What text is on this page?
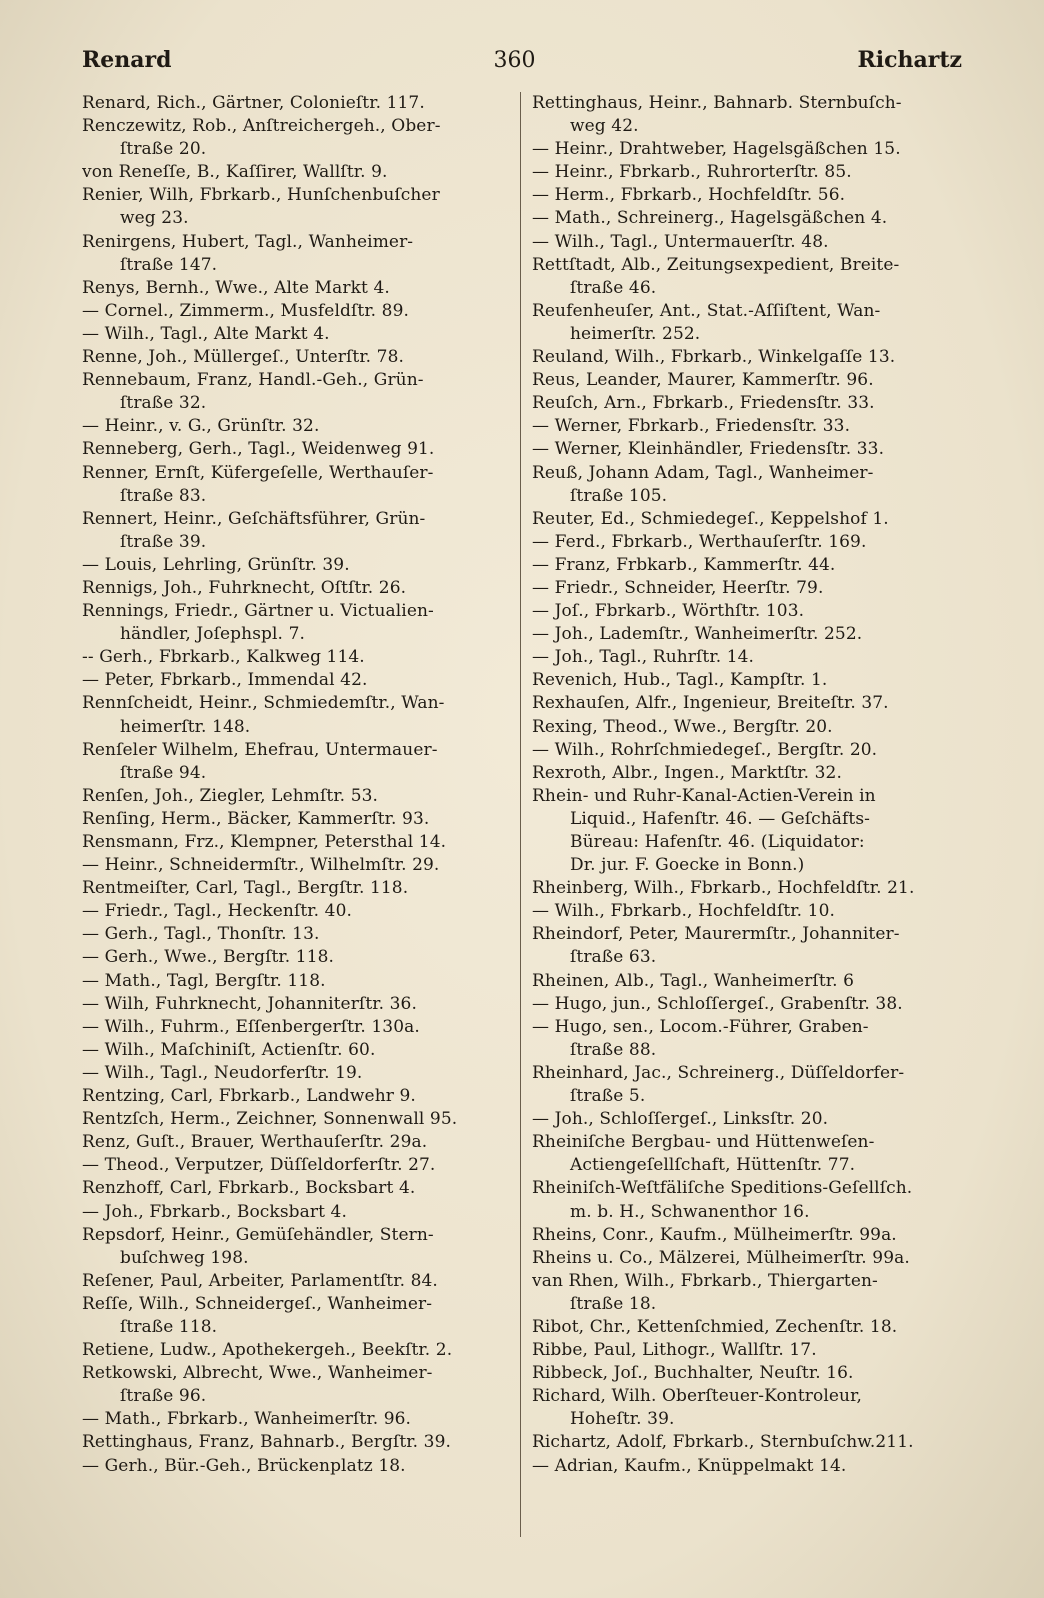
Renard	360	Richartz
Renard, Rich., Gärtner, Colonieſtr. 117.
Renczewitz, Rob., Anſtreichergeh., Ober-
ſtraße 20.
von Reneſſe, B., Kaſſirer, Wallſtr. 9.
Renier, Wilh, Fbrkarb., Hunſchenbuſcher
weg 23.
Renirgens, Hubert, Tagl., Wanheimer-
ſtraße 147.
Renys, Bernh., Wwe., Alte Markt 4.
— Cornel., Zimmerm., Musfeldſtr. 89.
— Wilh., Tagl., Alte Markt 4.
Renne, Joh., Müllergeſ., Unterſtr. 78.
Rennebaum, Franz, Handl.-Geh., Grün-
ſtraße 32.
— Heinr., v. G., Grünſtr. 32.
Renneberg, Gerh., Tagl., Weidenweg 91.
Renner, Ernſt, Küfergeſelle, Werthauſer-
ſtraße 83.
Rennert, Heinr., Geſchäftsführer, Grün-
ſtraße 39.
— Louis, Lehrling, Grünſtr. 39.
Rennigs, Joh., Fuhrknecht, Oſtſtr. 26.
Rennings, Friedr., Gärtner u. Victualien-
händler, Joſephspl. 7.
-- Gerh., Fbrkarb., Kalkweg 114.
— Peter, Fbrkarb., Immendal 42.
Rennſcheidt, Heinr., Schmiedemſtr., Wan-
heimerſtr. 148.
Renſeler Wilhelm, Ehefrau, Untermauer-
ſtraße 94.
Renſen, Joh., Ziegler, Lehmſtr. 53.
Renſing, Herm., Bäcker, Kammerſtr. 93.
Rensmann, Frz., Klempner, Petersthal 14.
— Heinr., Schneidermſtr., Wilhelmſtr. 29.
Rentmeiſter, Carl, Tagl., Bergſtr. 118.
— Friedr., Tagl., Heckenſtr. 40.
— Gerh., Tagl., Thonſtr. 13.
— Gerh., Wwe., Bergſtr. 118.
— Math., Tagl, Bergſtr. 118.
— Wilh, Fuhrknecht, Johanniterſtr. 36.
— Wilh., Fuhrm., Eſſenbergerſtr. 130a.
— Wilh., Maſchiniſt, Actienſtr. 60.
— Wilh., Tagl., Neudorferſtr. 19.
Rentzing, Carl, Fbrkarb., Landwehr 9.
Rentzſch, Herm., Zeichner, Sonnenwall 95.
Renz, Guſt., Brauer, Werthauſerſtr. 29a.
— Theod., Verputzer, Düſſeldorferſtr. 27.
Renzhoff, Carl, Fbrkarb., Bocksbart 4.
— Joh., Fbrkarb., Bocksbart 4.
Repsdorf, Heinr., Gemüſehändler, Stern-
buſchweg 198.
Reſener, Paul, Arbeiter, Parlamentſtr. 84.
Reſſe, Wilh., Schneidergeſ., Wanheimer-
ſtraße 118.
Retiene, Ludw., Apothekergeh., Beekſtr. 2.
Retkowski, Albrecht, Wwe., Wanheimer-
ſtraße 96.
— Math., Fbrkarb., Wanheimerſtr. 96.
Rettinghaus, Franz, Bahnarb., Bergſtr. 39.
— Gerh., Bür.-Geh., Brückenplatz 18.
Rettinghaus, Heinr., Bahnarb. Sternbuſch-
weg 42.
— Heinr., Drahtweber, Hagelsgäßchen 15.
— Heinr., Fbrkarb., Ruhrorterſtr. 85.
— Herm., Fbrkarb., Hochfeldſtr. 56.
— Math., Schreinerg., Hagelsgäßchen 4.
— Wilh., Tagl., Untermauerſtr. 48.
Rettſtadt, Alb., Zeitungsexpedient, Breite-
ſtraße 46.
Reufenheuſer, Ant., Stat.-Aſſiſtent, Wan-
heimerſtr. 252.
Reuland, Wilh., Fbrkarb., Winkelgaſſe 13.
Reus, Leander, Maurer, Kammerſtr. 96.
Reuſch, Arn., Fbrkarb., Friedensſtr. 33.
— Werner, Fbrkarb., Friedensſtr. 33.
— Werner, Kleinhändler, Friedensſtr. 33.
Reuß, Johann Adam, Tagl., Wanheimer-
ſtraße 105.
Reuter, Ed., Schmiedegeſ., Keppelshof 1.
— Ferd., Fbrkarb., Werthauſerſtr. 169.
— Franz, Frbkarb., Kammerſtr. 44.
— Friedr., Schneider, Heerſtr. 79.
— Joſ., Fbrkarb., Wörthſtr. 103.
— Joh., Lademſtr., Wanheimerſtr. 252.
— Joh., Tagl., Ruhrſtr. 14.
Revenich, Hub., Tagl., Kampſtr. 1.
Rexhauſen, Alfr., Ingenieur, Breiteſtr. 37.
Rexing, Theod., Wwe., Bergſtr. 20.
— Wilh., Rohrſchmiedegeſ., Bergſtr. 20.
Rexroth, Albr., Ingen., Marktſtr. 32.
Rhein- und Ruhr-Kanal-Actien-Verein in
Liquid., Hafenſtr. 46. — Geſchäfts-
Büreau: Hafenſtr. 46. (Liquidator:
Dr. jur. F. Goecke in Bonn.)
Rheinberg, Wilh., Fbrkarb., Hochfeldſtr. 21.
— Wilh., Fbrkarb., Hochfeldſtr. 10.
Rheindorf, Peter, Maurermſtr., Johanniter-
ſtraße 63.
Rheinen, Alb., Tagl., Wanheimerſtr. 6
— Hugo, jun., Schloſſergeſ., Grabenſtr. 38.
— Hugo, sen., Locom.-Führer, Graben-
ſtraße 88.
Rheinhard, Jac., Schreinerg., Düſſeldorfer-
ſtraße 5.
— Joh., Schloſſergeſ., Linksſtr. 20.
Rheiniſche Bergbau- und Hüttenweſen-
Actiengeſellſchaft, Hüttenſtr. 77.
Rheiniſch-Weſtfäliſche Speditions-Geſellſch.
m. b. H., Schwanenthor 16.
Rheins, Conr., Kaufm., Mülheimerſtr. 99a.
Rheins u. Co., Mälzerei, Mülheimerſtr. 99a.
van Rhen, Wilh., Fbrkarb., Thiergarten-
ſtraße 18.
Ribot, Chr., Kettenſchmied, Zechenſtr. 18.
Ribbe, Paul, Lithogr., Wallſtr. 17.
Ribbeck, Joſ., Buchhalter, Neuſtr. 16.
Richard, Wilh. Oberſteuer-Kontroleur,
Hoheſtr. 39.
Richartz, Adolf, Fbrkarb., Sternbuſchw.211.
— Adrian, Kaufm., Knüppelmakt 14.
